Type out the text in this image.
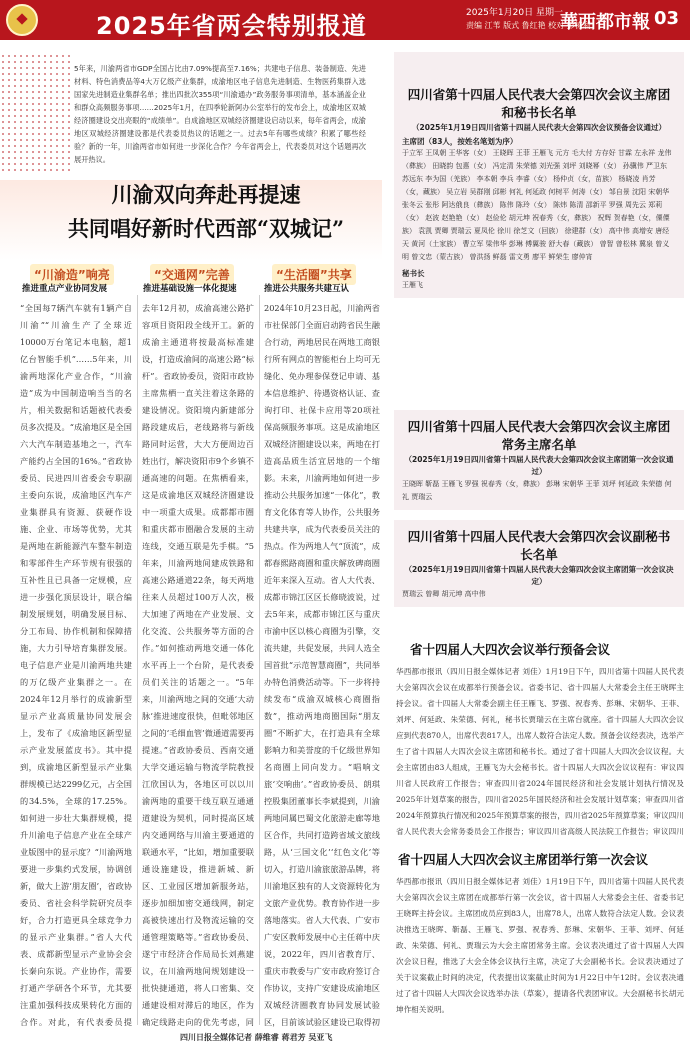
2025年省两会特别报道	2025年1月20日 星期一
责编 江苇 版式 鲁红艳 校对 彭栋利
華西都市報 03
5年来，川渝两省市GDP全国占比由7.09%提高至7.16%；共建电子信息、装备制造、先进材料、特色消费品等4大万亿级产业集群，成渝地区电子信息先进制造、生物医药集群入选国家先进制造业集群名单；推出四批次355项“川渝通办”政务服务事项清单，基本涵盖企业和群众高频服务事项……2025年1月，在四季轮新阿办公室举行的发布会上，成渝地区双城经济圈建设交出亮眼的“成绩单”。自成渝地区双城经济圈建设启动以来，每年省两会，成渝地区双城经济圈建设都是代表委员热议的话题之一。过去5年有哪些成绩？积累了哪些经验？新的一年，川渝两省市如何进一步深化合作？今年省两会上，代表委员对这个话题再次展开热议。
川渝双向奔赴再提速
共同唱好新时代西部“双城记”
“川渝造”响亮	“交通网”完善	“生活圈”共享
推进重点产业协同发展	推进基础设施一体化提速	推进公共服务共建互认
“全国每7辆汽车就有1辆产自川渝”“川渝生产了全球近10000万台笔记本电脑，超1亿台智能手机”……5年来，川渝两地深化产业合作，“川渝造”成为中国制造响当当的名片，相关数据和话题被代表委员多次提及。“成渝地区是全国六大汽车制造基地之一，汽车产能约占全国的16%。”省政协委员、民进四川省委会专职副主委向东说，成渝地区汽车产业集群具有资源、获硬作设施、企业、市场等优势，尤其是两地在新能源汽车整车制造和零部件生产环节规有很强的互补性且已具备一定规模，应进一步强化顶层设计，联合编制发展规划，明确发展目标、分工布局、协作机制和保障措施，大力引导培育集群发展。电子信息产业是川渝两地共建的万亿级产业集群之一。在2024年12月举行的成渝新型显示产业高质量协同发展会上，发布了《成渝地区新型显示产业发展蓝皮书》。其中提到，成渝地区新型显示产业集群规模已达2299亿元，占全国的34.5%，全球的17.25%。如何进一步壮大集群规模，提升川渝电子信息产业在全球产业版图中的显示度？“川渝两地要进一步集约式发展，协调创新，做大上游‘朋友圈’，省政协委员、省社会科学院研究员李好，合力打造更具全球竞争力的显示产业集群。”省人大代表、成都新型显示产业协会会长秦向东说。产业协作，需要打通产学研各个环节，尤其要注重加强科技成果转化方面的合作。对此，有代表委员提
去年12月初，成渝高速公路扩容项目资阳段全线开工。新的成渝主通道将按最高标准建设，打造成渝间的高速公路“标杆”。省政协委员，资阳市政协主席焦栖一直关注着这条路的建设情况。资阳境内新建部分路段建成后，老线路将与新线路同时运营，大大方便周边百姓出行，解决资阳市9个乡镇不通高速的问题。在焦栖看来，这是成渝地区双城经济圈建设中一项重大成果。成都都市圈和重庆都市圈融合发展的主动连线，交通互联是先手棋。“5年来，川渝两地间建成铁路和高速公路通道22条，每天两地往来人员超过100万人次，极大加速了两地在产业发展、文化交流、公共服务等方面的合作。”如何推动两地交通一体化水平再上一个台阶，是代表委员们关注的话题之一。“5年来，川渝两地之间的交通‘大动脉’推进速度很快，但毗邻地区之间的‘毛细血管’微通道需要再提速。”省政协委员、西南交通大学交通运输与物流学院教授江欣国认为，各地区可以以川渝两地的重要干线互联互通通道建设为契机，同时提高区域内交通网络与川渝主要通道的联通水平，“比如，增加重要联通设施建设，推进新城、新区、工业园区增加新服务站，逐步加细加密交通线网，制定高被快速出行及物流运输的交通管理策略等。”省政协委员、遂宁市经济合作局局长刘燕建议，在川渝两地间规划建设一批快捷通道，将人口密集、交通建设相对滞后的地区，作为确定线路走向的优先考虑，同
2024年10月23日起，川渝两省市社保部门全面启动跨省民生融合行动，两地居民在两地工商银行所有网点的智能柜台上均可无缝化、免办理参保登记申请、基本信息维护、待遇资格认证、查询打印、社保卡应用等20项社保高频服务事项。这是成渝地区双城经济圈建设以来，两地在打造高品质生活宜居地的一个缩影。未来，川渝两地如何进一步推动公共服务加速“一体化”，教育文化体育等人协作，公共服务共建共享，成为代表委员关注的热点。作为两地人气“顶流”，成都春熙路商圈和重庆解放碑商圈近年来深入互动。省人大代表、成都市锦江区区长修晓波说，过去5年来，成都市锦江区与重庆市渝中区以核心商圈为引擎，交流共建，共促发展，共同人选全国首批“示范智慧商圈”，共同举办特色消费活动等。下一步将持续发布“成渝双城核心商圈指数”，推动两地商圈国际“朋友圈”不断扩大，在打造具有全球影响力和美誉度的千亿级世界知名商圈上同向发力。“唱响文旅‘交响曲’。”省政协委员、朗琪控股集团董事长李斌提到，川渝两地同属巴蜀文化旅游走廊等地区合作，共同打造跨省域文旅线路，从‘三国文化’‘红色文化’等切入，打造川渝旅旅游品牌，将川渝地区独有的人文资源转化为文旅产业优势。教育协作进一步落地落实。省人大代表、广安市广安区教师发展中心主任蒋中庆说，2022年，四川省教育厅、重庆市教委与广安市政府签订合作协议，支持广安建设成渝地区双城经济圈教育协同发展试验区，目前该试验区建设已取得初
四川省第十四届人民代表大会第四次会议主席团和秘书长名单
（2025年1月19日四川省第十四届人民代表大会第四次会议预备会议通过）
主席团（83人，按姓名笔划为序）
于立军 王凤朝 王华客（女） 王晓晖 王菲 王雁飞 元方 毛大付 方存好 甘霖 左永祥 龙伟（彝族） 田晓韵 包惠（女） 冯定清 朱荣德 刘光强 刘坪 刘晓幂（女） 孙骥伟 严卫东 苏远东 李为国（羌族） 李本朝 李兵 李睿（女） 杨仲贞（女，苗族） 杨晓凌 肖芳（女，藏族） 吴立岩 吴群刚 邱彬 何礼 何延政 何树平 何涛（女） 邹自景 沈阳 宋朝华 张冬云 张彤 阿达俄良（彝族） 陈伟 陈玲（女） 陈炜 陈清 邵新平 罗强 周先云 郑莉（女） 赵波 赵艳艳（女） 赵俭伦 胡元坤 祝春秀（女，彝族） 祝辉 贺春艳（女，傈僳族） 袁凯 贾卿 贾瑞云 夏凤伦 徐川 徐芝文（回族） 徐建群（女） 高中伟 高增安 唐经天 黄河（土家族） 曹立军 梁伟华 彭琳 傅翼骏 舒大春（藏族） 曾智 曾松林 冀泉 曾义明 曾文忠（蒙古族） 曾洪扬 鲜磊 雷文勇 廖平 鲜荣生 廖仲宵
秘书长
王雁飞
四川省第十四届人民代表大会第四次会议主席团常务主席名单
（2025年1月19日四川省第十四届人民代表大会第四次会议主席团第一次会议通过）
王晓晖 靳磊 王雁飞 罗强 祝春秀（女，彝族） 彭琳 宋朝华 王菲 刘坪 何延政 朱荣德 何礼 贾瑞云
四川省第十四届人民代表大会第四次会议副秘书长名单
（2025年1月19日四川省第十四届人民代表大会第四次会议主席团第一次会议决定）
贾瑞云 曾卿 胡元坤 高中伟
省十四届人大四次会议举行预备会议
华西都市报讯（四川日报全媒体记者 刘佳）1月19日下午，四川省第十四届人民代表大会第四次会议在成都举行预备会议。省委书记、省十四届人大常委会主任王晓晖主持会议。省十四届人大常委会副主任王雁飞、罗强、祝春秀、彭琳、宋朝华、王菲、刘坪、何延政、朱荣德、何礼，秘书长贾瑞云在主席台就座。省十四届人大四次会议应到代表870人，出席代表817人，出席人数符合法定人数。预备会议经表决，选举产生了省十四届人大四次会议主席团和秘书长。通过了省十四届人大四次会议议程。大会主席团由83人组成，王雁飞为大会秘书长。省十四届人大四次会议议程有：审议四川省人民政府工作报告；审查四川省2024年国民经济和社会发展计划执行情况及2025年计划草案的报告，四川省2025年国民经济和社会发展计划草案；审查四川省2024年预算执行情况和2025年预算草案的报告，四川省2025年预算草案；审议四川省人民代表大会常务委员会工作报告；审议四川省高级人民法院工作报告；审议四川
省十四届人大四次会议主席团举行第一次会议
华西都市报讯（四川日报全媒体记者 刘佳）1月19日下午，四川省第十四届人民代表大会第四次会议主席团在成都举行第一次会议，省十四届人大常委会主任、省委书记王晓晖主持会议。主席团成员应到83人，出席78人，出席人数符合法定人数。会议表决推选王晓晖、靳磊、王雁飞、罗强、祝春秀、彭琳、宋朝华、王菲、刘坪、何延政、朱荣德、何礼、贾瑞云为大会主席团常务主席。会议表决通过了省十四届人大四次会议日程，推选了大会全体会议执行主席，决定了大会副秘书长。会议表决通过了关于议案截止时间的决定，代表提出议案截止时间为1月22日中午12时。会议表决通过了省十四届人大四次会议选举办法（草案），提请各代表团审议。大会副秘书长胡元坤作相关说明。
四川日报全媒体记者 薛维睿 蒋君芳 吴亚飞
